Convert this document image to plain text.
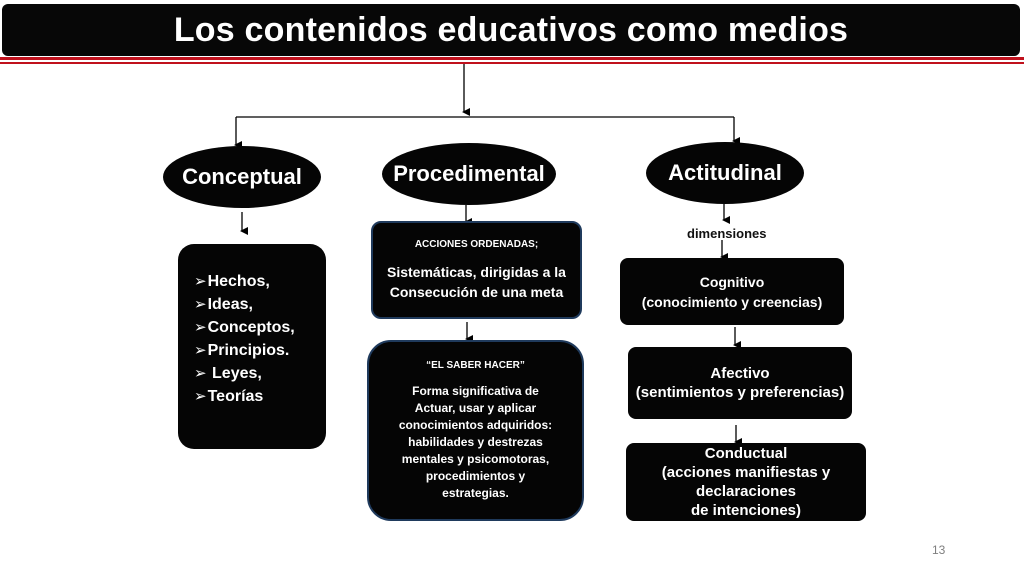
Los contenidos educativos como medios
Conceptual	Procedimental	Actitudinal
➢Hechos,
➢Ideas,
➢Conceptos,
➢Principios.
➢ Leyes,
➢Teorías
ACCIONES ORDENADAS;
Sistemáticas, dirigidas a la
Consecución de una meta
“EL SABER HACER”
Forma significativa de
Actuar, usar y aplicar
conocimientos adquiridos:
habilidades y destrezas
mentales y psicomotoras,
procedimientos y
estrategias.
dimensiones
Cognitivo
(conocimiento y creencias)
Afectivo
(sentimientos y preferencias)
Conductual
(acciones manifiestas y
declaraciones
de intenciones)
13
